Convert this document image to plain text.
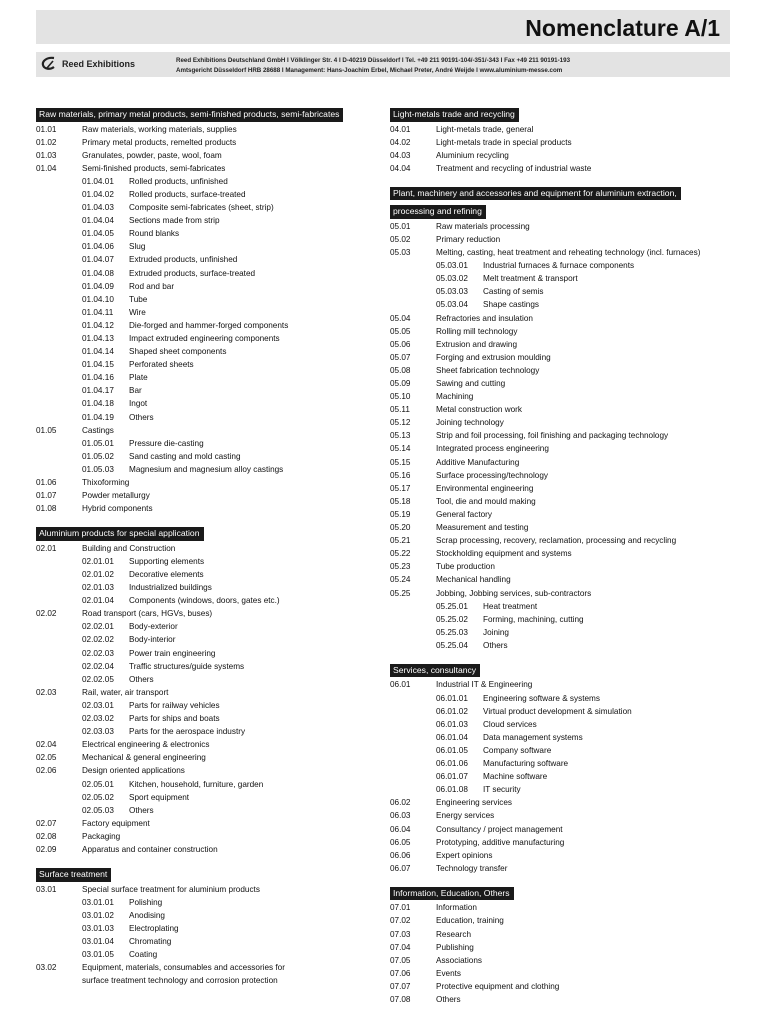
Nomenclature A/1
Reed Exhibitions	Reed Exhibitions Deutschland GmbH I Völklinger Str. 4 I D-40219 Düsseldorf I Tel. +49 211 90191-104/-351/-343 I Fax +49 211 90191-193
Amtsgericht Düsseldorf HRB 28688 I Management: Hans-Joachim Erbel, Michael Preter, André Weijde I www.aluminium-messe.com
Raw materials, primary metal products, semi-finished products, semi-fabricates
01.01	Raw materials, working materials, supplies
01.02	Primary metal products, remelted products
01.03	Granulates, powder, paste, wool, foam
01.04	Semi-finished products, semi-fabricates
01.04.01 Rolled products, unfinished
01.04.02 Rolled products, surface-treated
01.04.03 Composite semi-fabricates (sheet, strip)
01.04.04 Sections made from strip
01.04.05 Round blanks
01.04.06 Slug
01.04.07 Extruded products, unfinished
01.04.08 Extruded products, surface-treated
01.04.09 Rod and bar
01.04.10 Tube
01.04.11 Wire
01.04.12 Die-forged and hammer-forged components
01.04.13 Impact extruded engineering components
01.04.14 Shaped sheet components
01.04.15 Perforated sheets
01.04.16 Plate
01.04.17 Bar
01.04.18 Ingot
01.04.19 Others
01.05	Castings
01.05.01 Pressure die-casting
01.05.02 Sand casting and mold casting
01.05.03 Magnesium and magnesium alloy castings
01.06	Thixoforming
01.07	Powder metallurgy
01.08	Hybrid components
Aluminium products for special application
02.01	Building and Construction
02.01.01 Supporting elements
02.01.02 Decorative elements
02.01.03 Industrialized buildings
02.01.04 Components (windows, doors, gates etc.)
02.02	Road transport (cars, HGVs, buses)
02.02.01 Body-exterior
02.02.02 Body-interior
02.02.03 Power train engineering
02.02.04 Traffic structures/guide systems
02.02.05 Others
02.03	Rail, water, air transport
02.03.01 Parts for railway vehicles
02.03.02 Parts for ships and boats
02.03.03 Parts for the aerospace industry
02.04	Electrical engineering & electronics
02.05	Mechanical & general engineering
02.06	Design oriented applications
02.05.01 Kitchen, household, furniture, garden
02.05.02 Sport equipment
02.05.03 Others
02.07	Factory equipment
02.08	Packaging
02.09	Apparatus and container construction
Surface treatment
03.01	Special surface treatment for aluminium products
03.01.01 Polishing
03.01.02 Anodising
03.01.03 Electroplating
03.01.04 Chromating
03.01.05 Coating
03.02	Equipment, materials, consumables and accessories for
surface treatment technology and corrosion protection
Light-metals trade and recycling
04.01	Light-metals trade, general
04.02	Light-metals trade in special products
04.03	Aluminium recycling
04.04	Treatment and recycling of industrial waste
Plant, machinery and accessories and equipment for aluminium extraction,
processing and refining
05.01	Raw materials processing
05.02	Primary reduction
05.03	Melting, casting, heat treatment and reheating technology (incl. furnaces)
05.03.01 Industrial furnaces & furnace components
05.03.02 Melt treatment & transport
05.03.03 Casting of semis
05.03.04 Shape castings
05.04	Refractories and insulation
05.05	Rolling mill technology
05.06	Extrusion and drawing
05.07	Forging and extrusion moulding
05.08	Sheet fabrication technology
05.09	Sawing and cutting
05.10	Machining
05.11	Metal construction work
05.12	Joining technology
05.13	Strip and foil processing, foil finishing and packaging technology
05.14	Integrated process engineering
05.15	Additive Manufacturing
05.16	Surface processing/technology
05.17	Environmental engineering
05.18	Tool, die and mould making
05.19	General factory
05.20	Measurement and testing
05.21	Scrap processing, recovery, reclamation, processing and recycling
05.22	Stockholding equipment and systems
05.23	Tube production
05.24	Mechanical handling
05.25	Jobbing, Jobbing services, sub-contractors
05.25.01 Heat treatment
05.25.02 Forming, machining, cutting
05.25.03 Joining
05.25.04 Others
Services, consultancy
06.01	Industrial IT & Engineering
06.01.01 Engineering software & systems
06.01.02 Virtual product development & simulation
06.01.03 Cloud services
06.01.04 Data management systems
06.01.05 Company software
06.01.06 Manufacturing software
06.01.07 Machine software
06.01.08 IT security
06.02	Engineering services
06.03	Energy services
06.04	Consultancy / project management
06.05	Prototyping, additive manufacturing
06.06	Expert opinions
06.07	Technology transfer
Information, Education, Others
07.01	Information
07.02	Education, training
07.03	Research
07.04	Publishing
07.05	Associations
07.06	Events
07.07	Protective equipment and clothing
07.08	Others
